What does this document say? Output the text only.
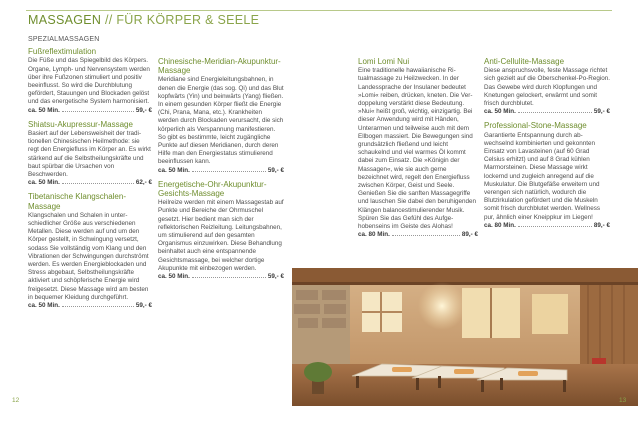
MASSAGEN // FÜR KÖRPER & SEELE
SPEZIALMASSAGEN
Fußreflextimulation
Die Füße und das Spiegelbild des Körpers. Organe, Lymph- und Nervensystem werden über ihre Fußzonen stimuliert und positiv beeinflusst. So wird die Durchblutung gefördert, Stauungen und Blockaden gelöst und das energetische System harmonisiert.
ca. 50 Min.	59,- €
Shiatsu-Akupressur-Massage
Basiert auf der Lebensweisheit der traditionellen Chinesischen Heilmethode: sie regt den Energiefluss im Körper an. Es wirkt stärkend auf die Selbstheilungskräfte und baut spürbar die Ursachen von Beschwerden.
ca. 50 Min.	62,- €
Tibetanische Klangschalen-Massage
Klangschalen und Schalen in unterschiedlicher Größe aus verschiedenen Metallen. Diese werden auf und um den Körper gestellt, in Schwingung versetzt, sodass Sie vollständig vom Klang und den Vibrationen der Schwingungen durchströmt werden. Es werden Energieblockaden und Stress abgebaut, Selbstheilungskräfte aktiviert und schöpferische Energie wird freigesetzt. Diese Massage wird am besten in bequemer Kleidung durchgeführt.
ca. 50 Min.	59,- €
Chinesische-Meridian-Akupunktur-Massage
Meridiane sind Energieleitungsbahnen, in denen die Energie (das sog. Qi) und das Blut kopfwärts (Yin) und beinwärts (Yang) fließen. In einem gesunden Körper fließt die Energie (Chi, Prana, Mana, etc.). Krankheiten werden durch Blockaden verursacht, die sich körperlich als Verspannung manifestieren. So gibt es bestimmte, leicht zugängliche Punkte auf diesen Meridianen, durch deren Hilfe man den Energiestatus stimulierend beeinflussen kann.
ca. 50 Min.	59,- €
Energetische-Ohr-Akupunktur-Gesichts-Massage
Heilreize werden mit einem Massagestab auf Punkte und Bereiche der Ohrmuschel gesetzt. Hier bedient man sich der reflektorischen Reizleitung. Leitungsbahnen, um stimulierend auf den gesamten Organismus einzuwirken. Diese Behandlung beinhaltet auch eine entspannende Gesichtsmassage, bei welcher dortige Akupunkte mit einbezogen werden.
ca. 50 Min.	59,- €
Lomi Lomi Nui
Eine traditionelle hawaiianische Ritualmassage zu Heilzwecken. In der Landessprache der Insulaner bedeutet »Lomi« reiben, drücken, kneten. Die Verdoppelung verstärkt diese Bedeutung. »Nui« heißt groß, wichtig, einzigartig. Bei dieser Anwendung wird mit Händen, Unterarmen und teilweise auch mit dem Ellbogen massiert. Die Bewegungen sind grundsätzlich fließend und leicht schaukelnd und viel warmes Öl kommt dabei zum Einsatz. Die »Königin der Massagen«, wie sie auch gerne bezeichnet wird, regelt den Energiefluss zwischen Körper, Geist und Seele. Genießen Sie die sanften Massagegriffe und lauschen Sie dabei den beruhigenden Klängen balancestimulierender Musik. Spüren Sie das Gefühl des Aufgehobenseins im Geiste des Alohas!
ca. 80 Min.	89,- €
Anti-Cellulite-Massage
Diese anspruchsvolle, feste Massage richtet sich gezielt auf die Oberschenkel-Po-Region. Das Gewebe wird durch Klopfungen und Knetungen gelockert, erwärmt und somit frisch durchblutet.
ca. 50 Min.	59,- €
Professional-Stone-Massage
Garantierte Entspannung durch abwechselnd kombinierten und gekonnten Einsatz von Lavasteinen (auf 60 Grad Celsius erhitzt) und auf 8 Grad kühlen Marmorsteinen. Diese Massage wirkt lockernd und zugleich anregend auf die Muskulatur. Die Blutgefäße erweitern und verengen sich natürlich, wodurch die Blutzirkulation gefördert und die Muskeln somit frisch durchblutet werden. Wellness pur, ähnlich einer Kneippkur im Liegen!
ca. 80 Min.	89,- €
12	13
